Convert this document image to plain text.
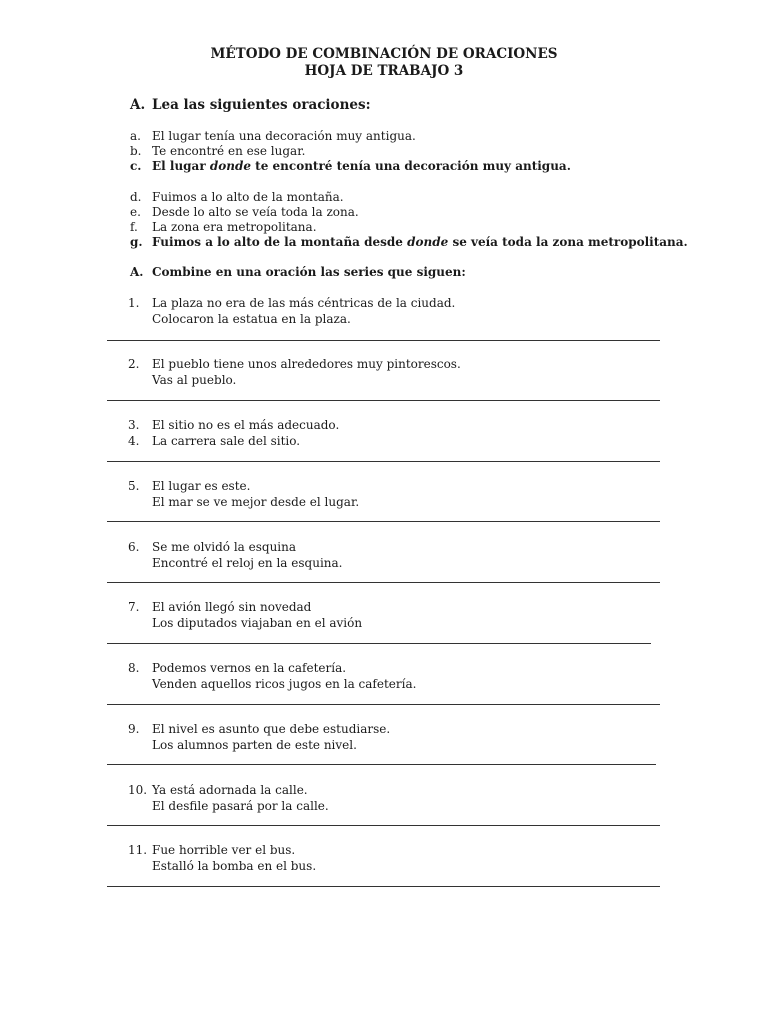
MÉTODO DE COMBINACIÓN DE ORACIONES
HOJA DE TRABAJO 3
A. Lea las siguientes oraciones:
a. El lugar tenía una decoración muy antigua.
b. Te encontré en ese lugar.
c. El lugar donde te encontré tenía una decoración muy antigua.
d. Fuimos a lo alto de la montaña.
e. Desde lo alto se veía toda la zona.
f.	La zona era metropolitana.
g. Fuimos a lo alto de la montaña desde donde se veía toda la zona metropolitana.
A. Combine en una oración las series que siguen:
1.	La plaza no era de las más céntricas de la ciudad.
Colocaron la estatua en la plaza.
2.	El pueblo tiene unos alrededores muy pintorescos.
Vas al pueblo.
3.	El sitio no es el más adecuado.
4.	La carrera sale del sitio.
5.	El lugar es este.
El mar se ve mejor desde el lugar.
6.	Se me olvidó la esquina
Encontré el reloj en la esquina.
7.	El avión llegó sin novedad
Los diputados viajaban en el avión
8.	Podemos vernos en la cafetería.
Venden aquellos ricos jugos en la cafetería.
9.	El nivel es asunto que debe estudiarse.
Los alumnos parten de este nivel.
10. Ya está adornada la calle.
El desfile pasará por la calle.
11. Fue horrible ver el bus.
Estalló la bomba en el bus.
